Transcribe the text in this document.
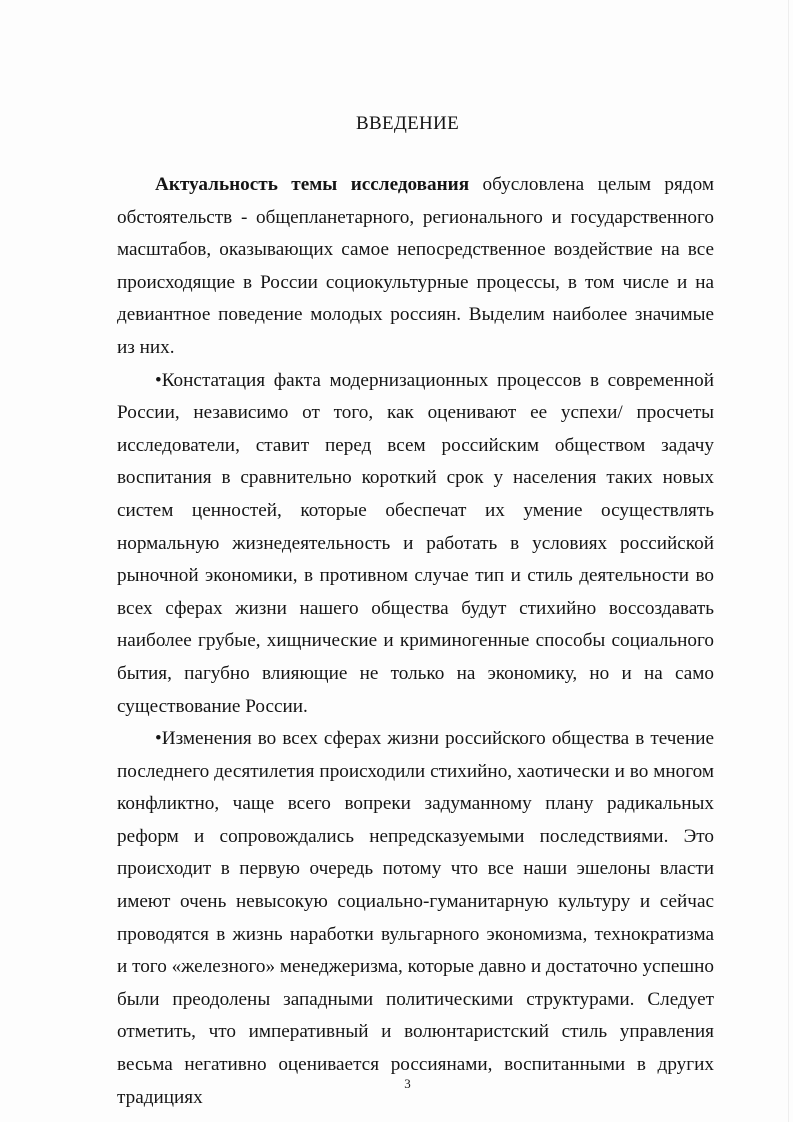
ВВЕДЕНИЕ

Актуальность темы исследования обусловлена целым рядом обстоятельств - общепланетарного, регионального и государственного масштабов, оказывающих самое непосредственное воздействие на все происходящие в России социокультурные процессы, в том числе и на девиантное поведение молодых россиян. Выделим наиболее значимые из них.

•Констатация факта модернизационных процессов в современной России, независимо от того, как оценивают ее успехи/ просчеты исследователи, ставит перед всем российским обществом задачу воспитания в сравнительно короткий срок у населения таких новых систем ценностей, которые обеспечат их умение осуществлять нормальную жизнедеятельность и работать в условиях российской рыночной экономики, в противном случае тип и стиль деятельности во всех сферах жизни нашего общества будут стихийно воссоздавать наиболее грубые, хищнические и криминогенные способы социального бытия, пагубно влияющие не только на экономику, но и на само существование России.

•Изменения во всех сферах жизни российского общества в течение последнего десятилетия происходили стихийно, хаотически и во многом конфликтно, чаще всего вопреки задуманному плану радикальных реформ и сопровождались непредсказуемыми последствиями. Это происходит в первую очередь потому что все наши эшелоны власти имеют очень невысокую социально-гуманитарную культуру и сейчас проводятся в жизнь наработки вульгарного экономизма, технократизма и того «железного» менеджеризма, которые давно и достаточно успешно были преодолены западными политическими структурами. Следует отметить, что императивный и волюнтаристский стиль управления весьма негативно оценивается россиянами, воспитанными в других традициях

3
